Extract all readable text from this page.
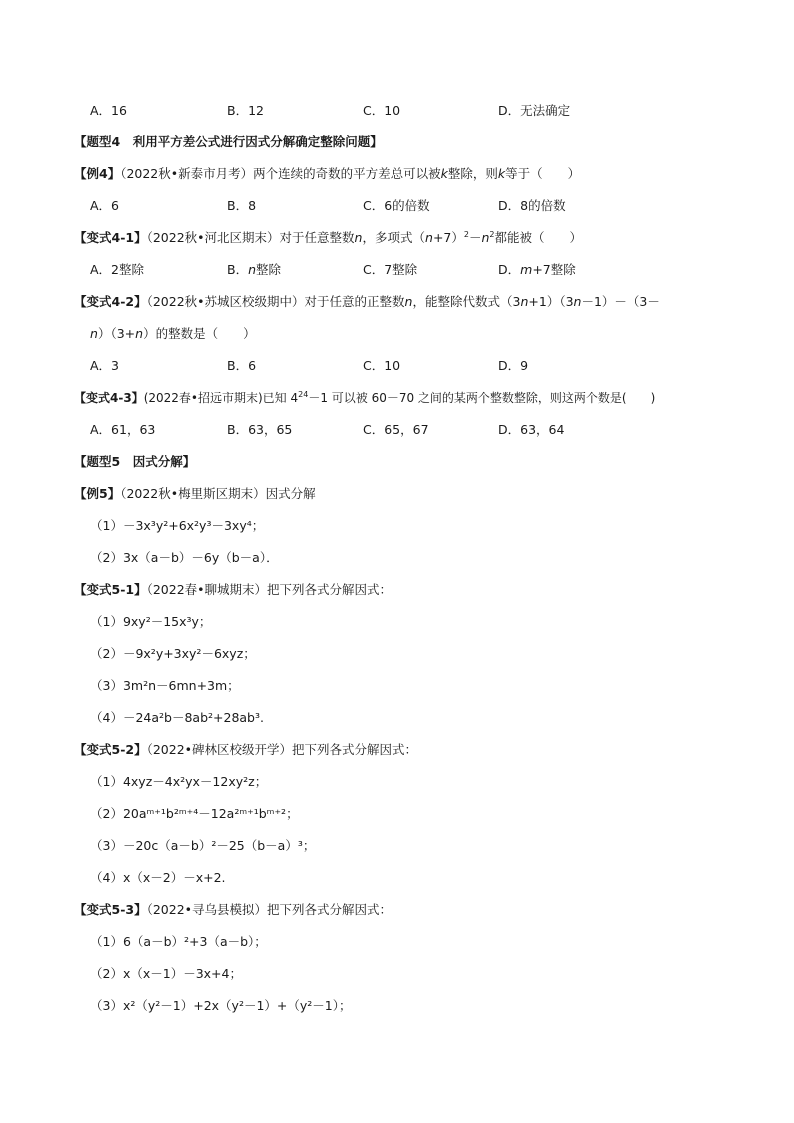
A．16	B．12	C．10	D．无法确定
【题型4　利用平方差公式进行因式分解确定整除问题】
【例4】（2022秋•新泰市月考）两个连续的奇数的平方差总可以被k整除，则k等于（　　）
A．6	B．8	C．6的倍数	D．8的倍数
【变式4-1】（2022秋•河北区期末）对于任意整数n，多项式$(n+7)^2-n^2$都能被（　　）
A．2整除	B．n整除	C．7整除	D．m+7整除
【变式4-2】（2022秋•苏城区校级期中）对于任意的正整数n，能整除代数式（3n+1）（3n－1）－（3－
n）（3+n）的整数是（　　）
A．3	B．6	C．10	D．9
【变式4-3】(2022春•招远市期末)已知 $4^{24}-1$ 可以被 60－70 之间的某两个整数整除，则这两个数是(　　)
A．61，63	B．63，65	C．65，67	D．63，64
【题型5　因式分解】
【例5】（2022秋•梅里斯区期末）因式分解
（1）－3x³y²+6x²y³－3xy⁴；
（2）3x（a－b）－6y（b－a）．
【变式5-1】（2022春•聊城期末）把下列各式分解因式：
（1）9xy²－15x³y；
（2）－9x²y+3xy²－6xyz；
（3）3m²n－6mn+3m；
（4）－24a²b－8ab²+28ab³.
【变式5-2】（2022•碑林区校级开学）把下列各式分解因式：
（1）4xyz－4x²yx－12xy²z；
（2）20aᵐ⁺¹b²ᵐ⁺⁴－12a²ᵐ⁺¹bᵐ⁺²；
（3）－20c（a－b）²－25（b－a）³；
（4）x（x－2）－x+2.
【变式5-3】（2022•寻乌县模拟）把下列各式分解因式：
（1）6（a－b）²+3（a－b）；
（2）x（x－1）－3x+4；
（3）x²（y²－1）+2x（y²－1）+（y²－1）；
